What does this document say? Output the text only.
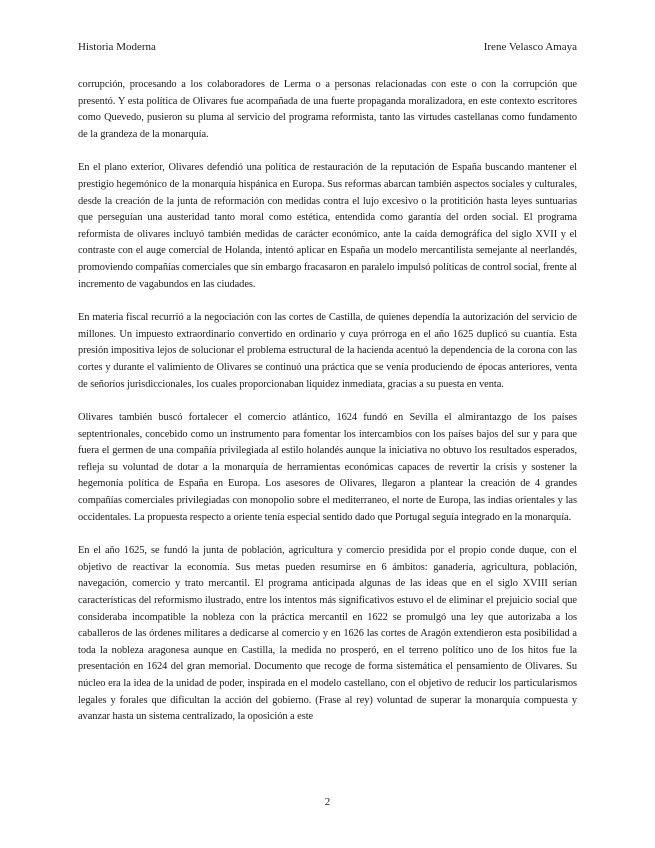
Historia Moderna	Irene Velasco Amaya

corrupción, procesando a los colaboradores de Lerma o a personas relacionadas con este o con la corrupción que presentó. Y esta política de Olivares fue acompañada de una fuerte propaganda moralizadora, en este contexto escritores como Quevedo, pusieron su pluma al servicio del programa reformista, tanto las virtudes castellanas como fundamento de la grandeza de la monarquía.

En el plano exterior, Olivares defendió una política de restauración de la reputación de España buscando mantener el prestigio hegemónico de la monarquía hispánica en Europa. Sus reformas abarcan también aspectos sociales y culturales, desde la creación de la junta de reformación con medidas contra el lujo excesivo o la protitición hasta leyes suntuarias que perseguían una austeridad tanto moral como estética, entendida como garantía del orden social. El programa reformista de olivares incluyó también medidas de carácter económico, ante la caída demográfica del siglo XVII y el contraste con el auge comercial de Holanda, intentó aplicar en España un modelo mercantilista semejante al neerlandés, promoviendo compañías comerciales que sin embargo fracasaron en paralelo impulsó políticas de control social, frente al incremento de vagabundos en las ciudades.

En materia fiscal recurrió a la negociación con las cortes de Castilla, de quienes dependía la autorización del servicio de millones. Un impuesto extraordinario convertido en ordinario y cuya prórroga en el año 1625 duplicó su cuantía. Esta presión impositiva lejos de solucionar el problema estructural de la hacienda acentuó la dependencia de la corona con las cortes y durante el valimiento de Olivares se continuó una práctica que se venía produciendo de épocas anteriores, venta de señoríos jurisdiccionales, los cuales proporcionaban liquidez inmediata, gracias a su puesta en venta.

Olivares también buscó fortalecer el comercio atlántico, 1624 fundó en Sevilla el almirantazgo de los países septentrionales, concebido como un instrumento para fomentar los intercambios con los países bajos del sur y para que fuera el germen de una compañía privilegiada al estilo holandés aunque la iniciativa no obtuvo los resultados esperados, refleja su voluntad de dotar a la monarquía de herramientas económicas capaces de revertir la crisis y sostener la hegemonía política de España en Europa. Los asesores de Olivares, llegaron a plantear la creación de 4 grandes compañías comerciales privilegiadas con monopolio sobre el mediterraneo, el norte de Europa, las indias orientales y las occidentales. La propuesta respecto a oriente tenía especial sentido dado que Portugal seguía integrado en la monarquía.

En el año 1625, se fundó la junta de población, agricultura y comercio presidida por el propio conde duque, con el objetivo de reactivar la economía. Sus metas pueden resumirse en 6 ámbitos: ganadería, agricultura, población, navegación, comercio y trato mercantil. El programa anticipada algunas de las ideas que en el siglo XVIII serían características del reformismo ilustrado, entre los intentos más significativos estuvo el de eliminar el prejuicio social que consideraba incompatible la nobleza con la práctica mercantil en 1622 se promulgó una ley que autorizaba a los caballeros de las órdenes militares a dedicarse al comercio y en 1626 las cortes de Aragón extendieron esta posibilidad a toda la nobleza aragonesa aunque en Castilla, la medida no prosperó, en el terreno político uno de los hitos fue la presentación en 1624 del gran memorial. Documento que recoge de forma sistemática el pensamiento de Olivares. Su núcleo era la idea de la unidad de poder, inspirada en el modelo castellano, con el objetivo de reducir los particularismos legales y forales que dificultan la acción del gobierno. (Frase al rey) voluntad de superar la monarquía compuesta y avanzar hasta un sistema centralizado, la oposición a este

2
